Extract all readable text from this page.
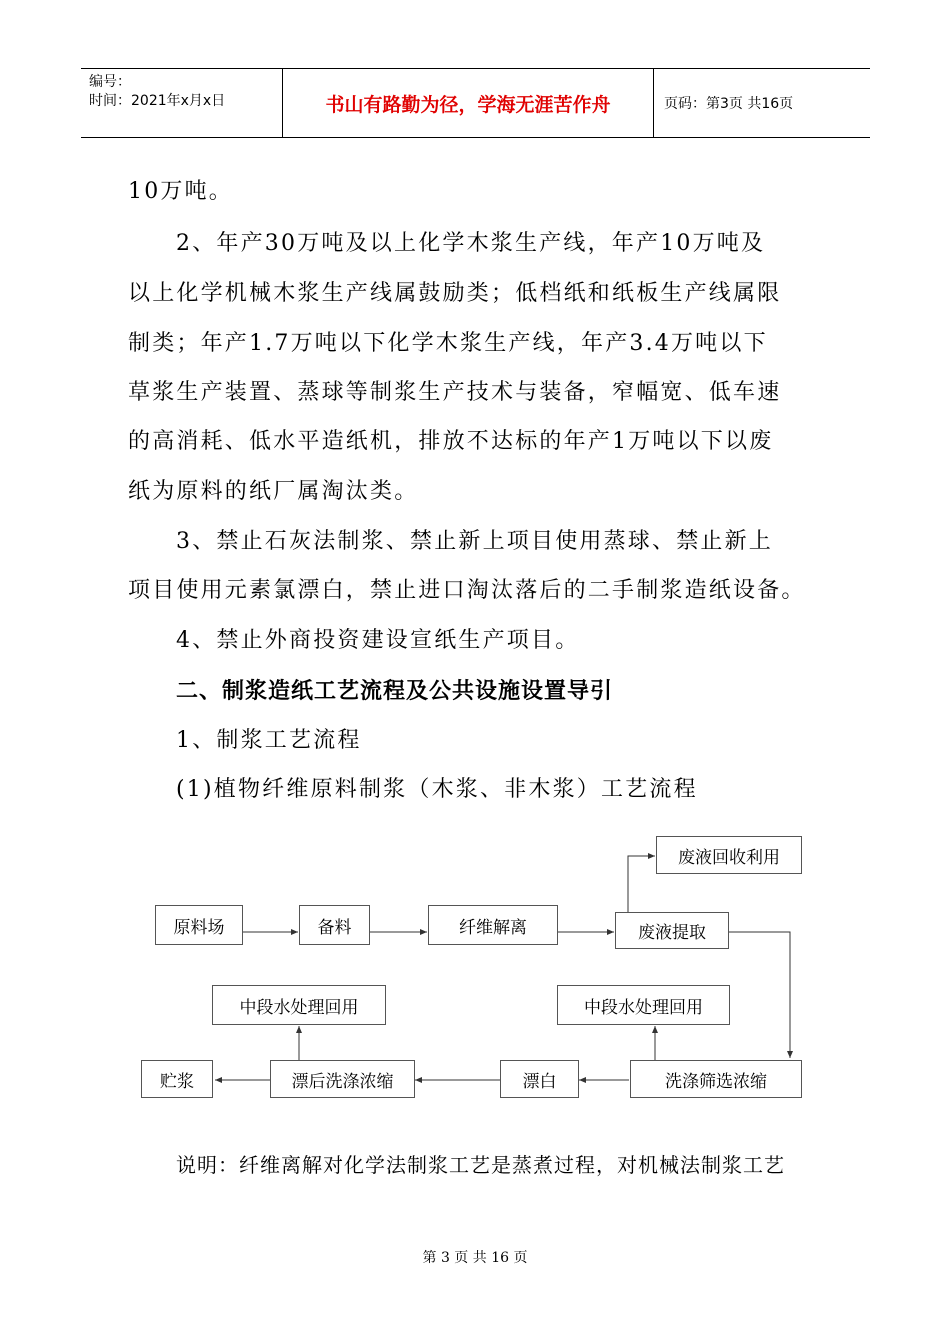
编号：
时间：2021年x月x日	书山有路勤为径，学海无涯苦作舟	页码：第3页 共16页
10万吨。
2、年产30万吨及以上化学木浆生产线，年产10万吨及
以上化学机械木浆生产线属鼓励类；低档纸和纸板生产线属限
制类；年产1.7万吨以下化学木浆生产线，年产3.4万吨以下
草浆生产装置、蒸球等制浆生产技术与装备，窄幅宽、低车速
的高消耗、低水平造纸机，排放不达标的年产1万吨以下以废
纸为原料的纸厂属淘汰类。
3、禁止石灰法制浆、禁止新上项目使用蒸球、禁止新上
项目使用元素氯漂白，禁止进口淘汰落后的二手制浆造纸设备。
4、禁止外商投资建设宣纸生产项目。
二、制浆造纸工艺流程及公共设施设置导引
1、制浆工艺流程
(1)植物纤维原料制浆（木浆、非木浆）工艺流程
原料场	备料	纤维解离	废液提取
废液回收利用
中段水处理回用
中段水处理回用
洗涤筛选浓缩
漂白
漂后洗涤浓缩
贮浆
说明：纤维离解对化学法制浆工艺是蒸煮过程，对机械法制浆工艺
第 3 页 共 16 页
